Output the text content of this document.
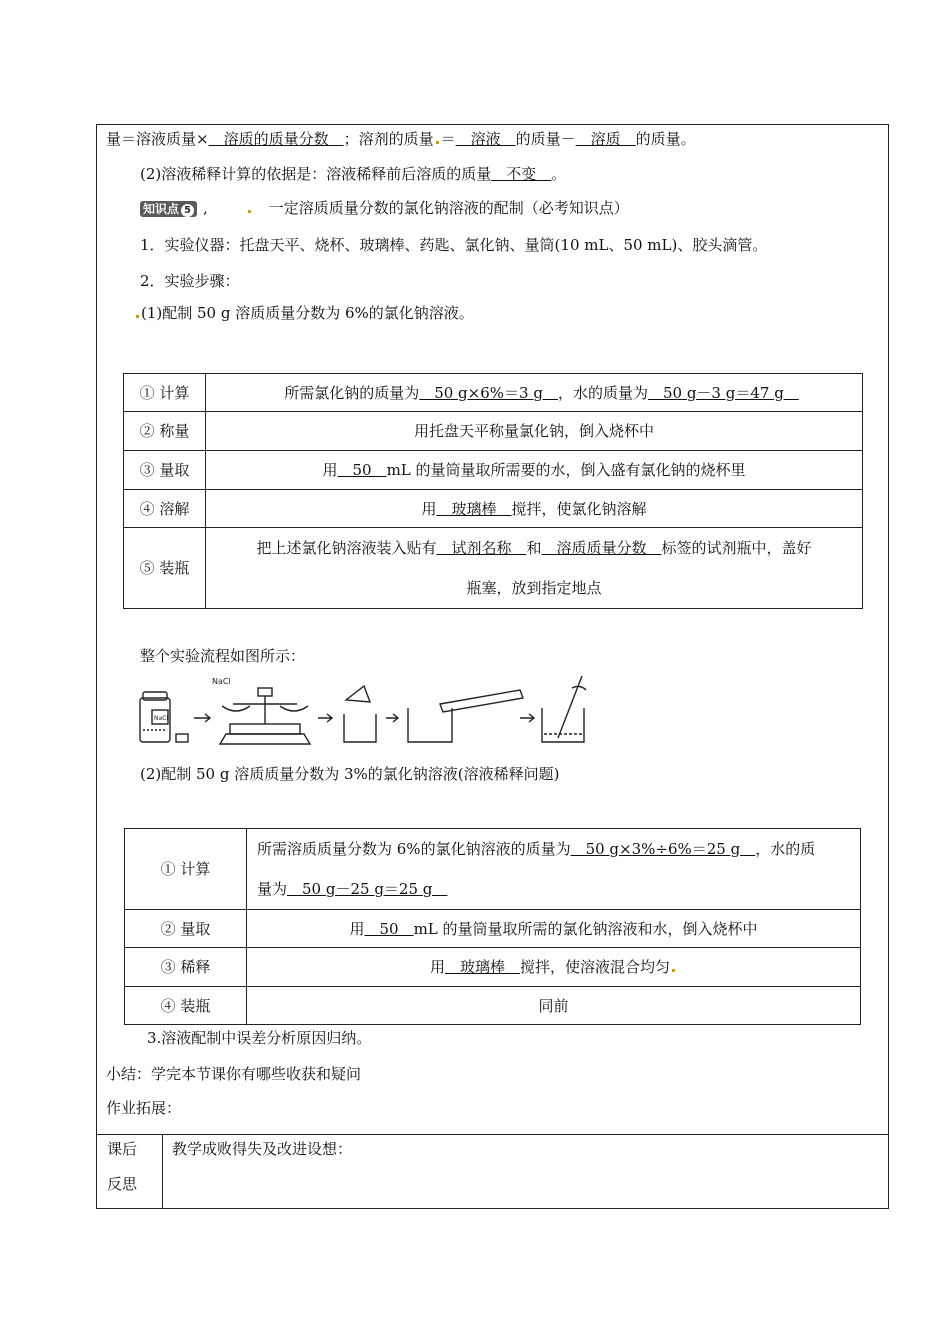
量＝溶液质量×　溶质的质量分数　；溶剂的质量 ＝　溶液　的质量－　溶质　的质量。
(2)溶液稀释计算的依据是：溶液稀释前后溶质的质量　不变　。
知识点 5 ,	一定溶质质量分数的氯化钠溶液的配制（必考知识点）
1．实验仪器：托盘天平、烧杯、玻璃棒、药匙、氯化钠、量筒(10 mL、50 mL)、胶头滴管。
2．实验步骤：
(1)配制 50 g 溶质质量分数为 6%的氯化钠溶液。
① 计算	所需氯化钠的质量为　50 g×6%＝3 g　，水的质量为　50 g－3 g＝47 g　
② 称量	用托盘天平称量氯化钠，倒入烧杯中
③ 量取	用　50　mL 的量筒量取所需要的水，倒入盛有氯化钠的烧杯里
④ 溶解	用　玻璃棒　搅拌，使氯化钠溶解
⑤ 装瓶	把上述氯化钠溶液装入贴有　试剂名称　和　溶质质量分数　标签的试剂瓶中，盖好
瓶塞，放到指定地点
整个实验流程如图所示：
NaCl
NaCl
(2)配制 50 g 溶质质量分数为 3%的氯化钠溶液(溶液稀释问题)
① 计算	所需溶质质量分数为 6%的氯化钠溶液的质量为　50 g×3%÷6%＝25 g　，水的质
量为　50 g－25 g＝25 g　
② 量取	用　50　mL 的量筒量取所需的氯化钠溶液和水，倒入烧杯中
③ 稀释	用　玻璃棒　搅拌，使溶液混合均匀
④ 装瓶	同前
3.溶液配制中误差分析原因归纳。
小结：学完本节课你有哪些收获和疑问
作业拓展：
课后
反思
教学成败得失及改进设想：
